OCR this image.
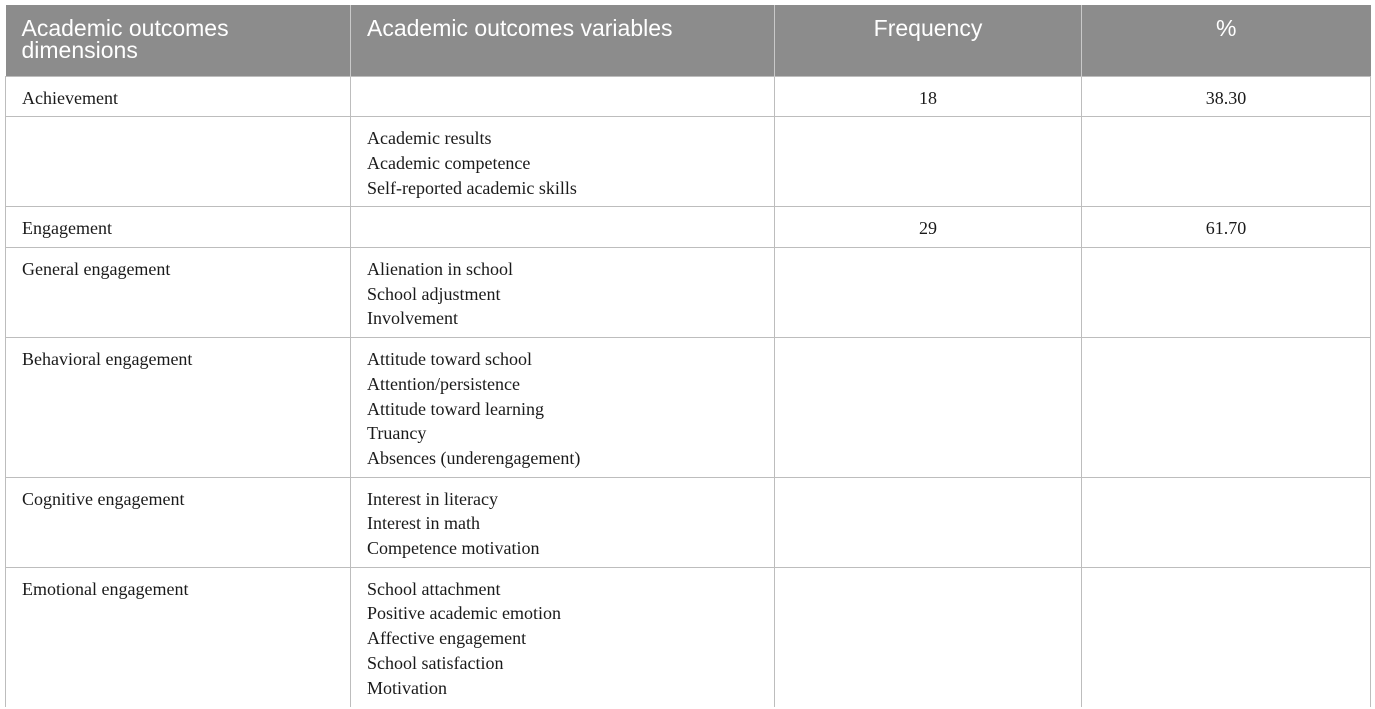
Academic outcomes dimensions	Academic outcomes variables	Frequency	%
Achievement		18	38.30

	Academic results
Academic competence
Self-reported academic skills		

Engagement		29	61.70
General engagement	Alienation in school
School adjustment
Involvement		

Behavioral engagement	Attitude toward school
Attention/persistence
Attitude toward learning
Truancy
Absences (underengagement)		

Cognitive engagement	Interest in literacy
Interest in math
Competence motivation		

Emotional engagement	School attachment
Positive academic emotion
Affective engagement
School satisfaction
Motivation		
